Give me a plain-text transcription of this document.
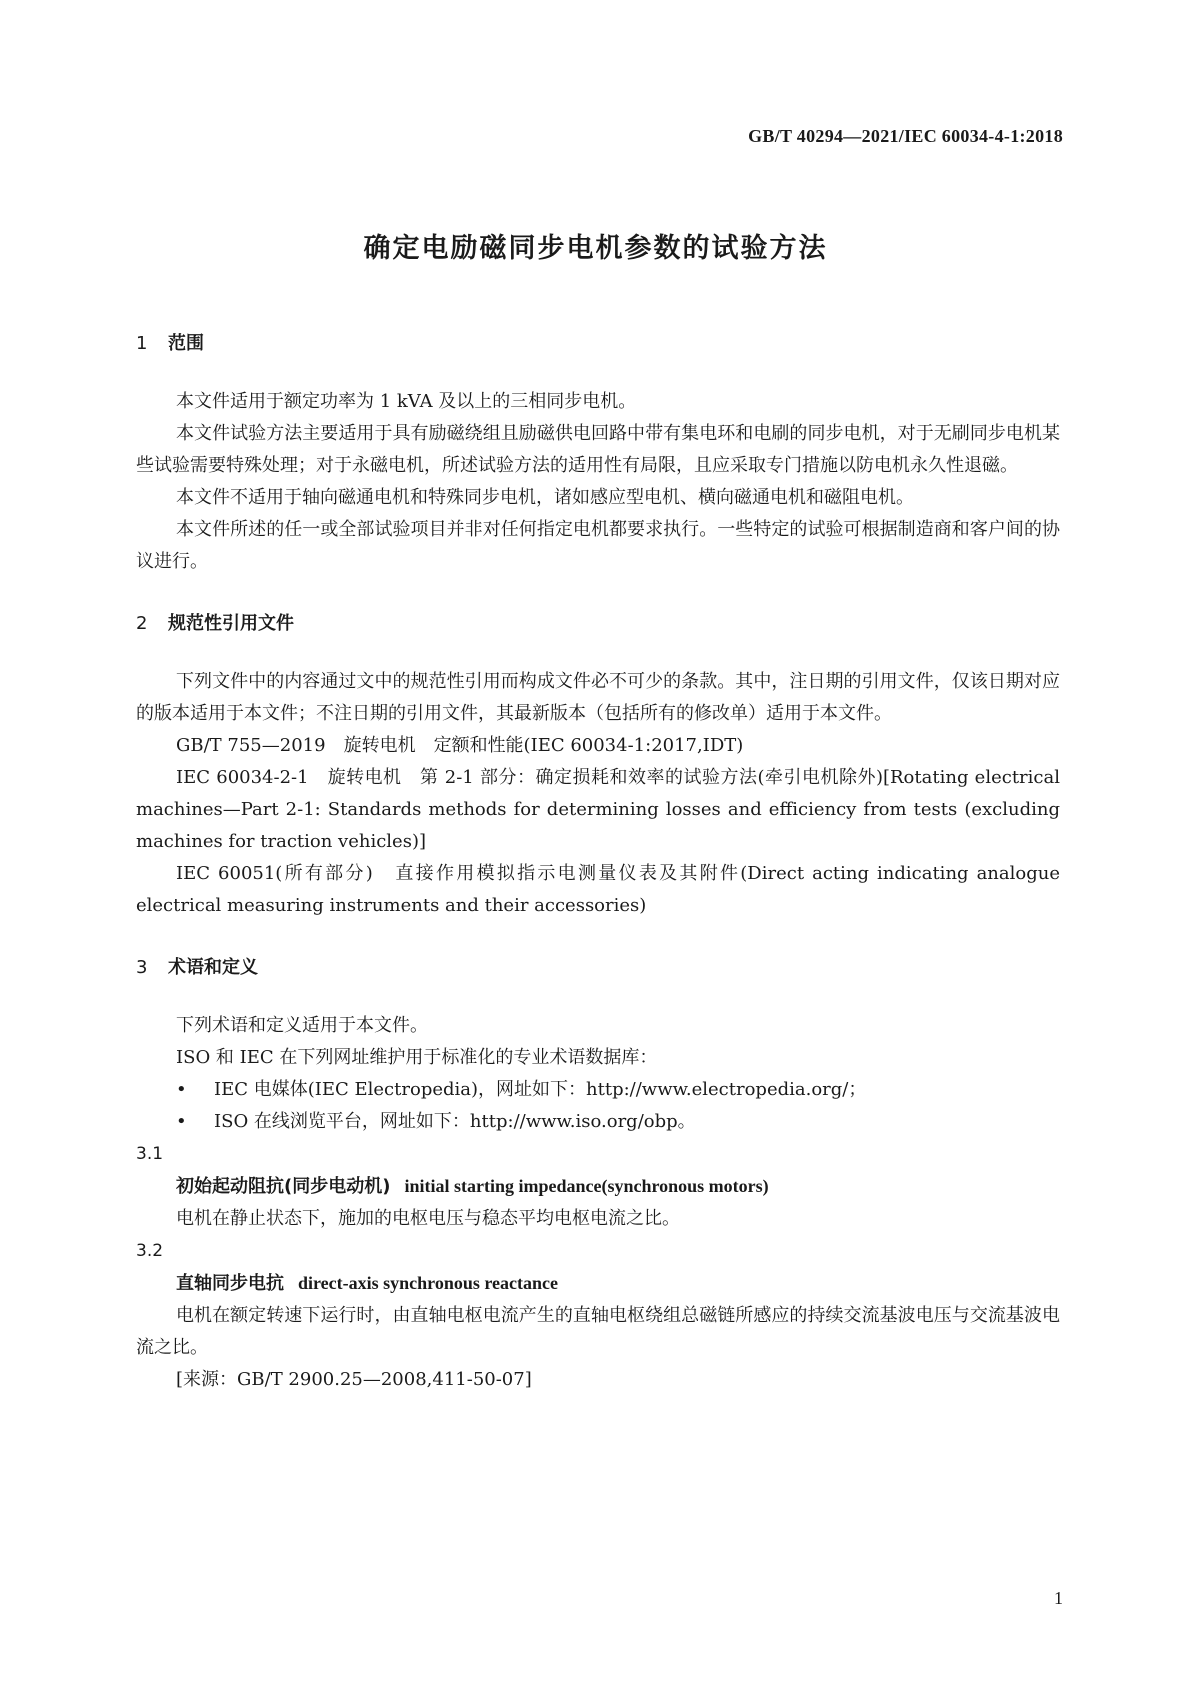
GB/T 40294—2021/IEC 60034-4-1:2018
确定电励磁同步电机参数的试验方法
1 范围

本文件适用于额定功率为 1 kVA 及以上的三相同步电机。

本文件试验方法主要适用于具有励磁绕组且励磁供电回路中带有集电环和电刷的同步电机，对于无刷同步电机某些试验需要特殊处理；对于永磁电机，所述试验方法的适用性有局限，且应采取专门措施以防电机永久性退磁。

本文件不适用于轴向磁通电机和特殊同步电机，诸如感应型电机、横向磁通电机和磁阻电机。

本文件所述的任一或全部试验项目并非对任何指定电机都要求执行。一些特定的试验可根据制造商和客户间的协议进行。

2 规范性引用文件

下列文件中的内容通过文中的规范性引用而构成文件必不可少的条款。其中，注日期的引用文件，仅该日期对应的版本适用于本文件；不注日期的引用文件，其最新版本（包括所有的修改单）适用于本文件。

GB/T 755—2019　旋转电机　定额和性能(IEC 60034-1:2017,IDT)

IEC 60034-2-1　旋转电机　第 2-1 部分：确定损耗和效率的试验方法(牵引电机除外)[Rotating electrical machines—Part 2-1: Standards methods for determining losses and efficiency from tests (excluding machines for traction vehicles)]

IEC 60051(所有部分)　直接作用模拟指示电测量仪表及其附件(Direct acting indicating analogue electrical measuring instruments and their accessories)

3 术语和定义

下列术语和定义适用于本文件。

ISO 和 IEC 在下列网址维护用于标准化的专业术语数据库：

• IEC 电媒体(IEC Electropedia)，网址如下：http://www.electropedia.org/；

• ISO 在线浏览平台，网址如下：http://www.iso.org/obp。

3.1

初始起动阻抗(同步电动机) initial starting impedance(synchronous motors)

电机在静止状态下，施加的电枢电压与稳态平均电枢电流之比。

3.2

直轴同步电抗 direct-axis synchronous reactance

电机在额定转速下运行时，由直轴电枢电流产生的直轴电枢绕组总磁链所感应的持续交流基波电压与交流基波电流之比。

[来源：GB/T 2900.25—2008,411-50-07]

1
